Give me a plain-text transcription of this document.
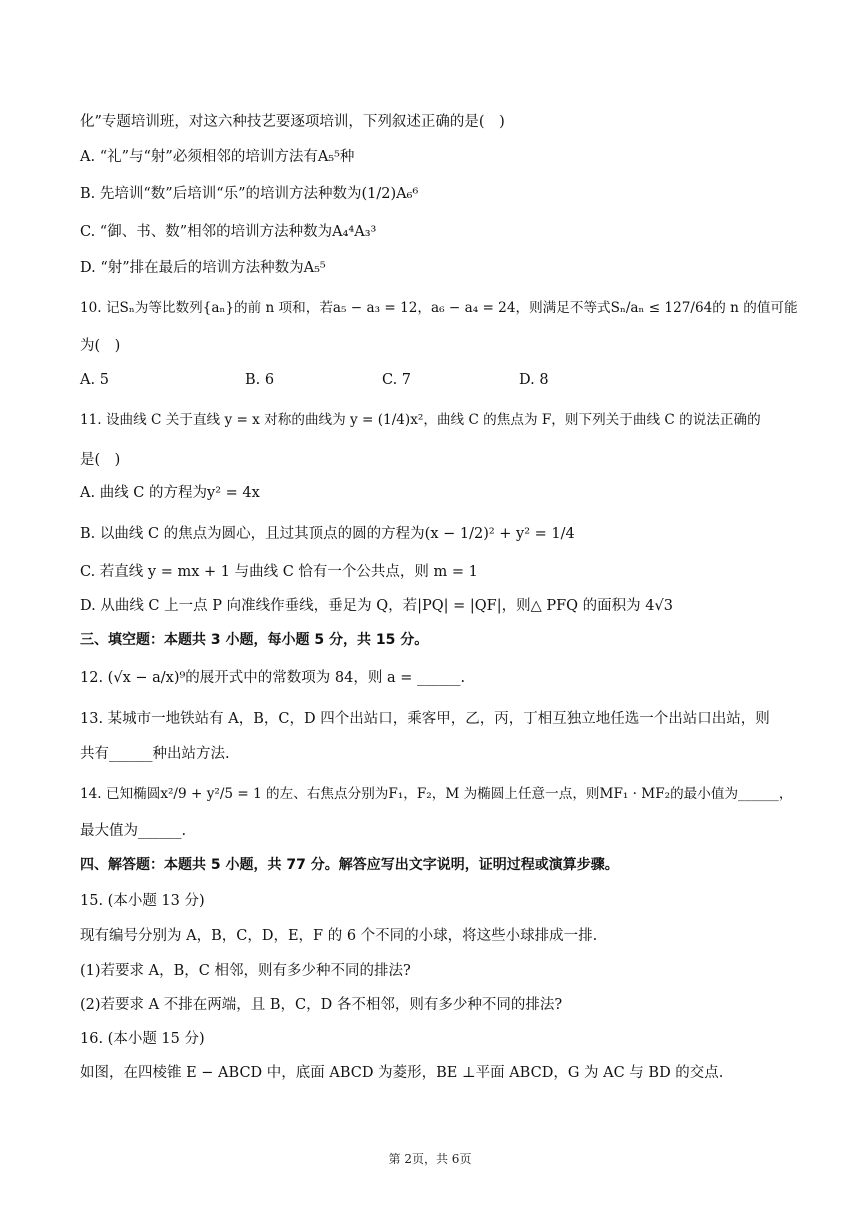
化”专题培训班，对这六种技艺要逐项培训，下列叙述正确的是(　)
A. “礼”与“射”必须相邻的培训方法有A₅⁵种
B. 先培训“数”后培训“乐”的培训方法种数为(1/2)A₆⁶
C. “御、书、数”相邻的培训方法种数为A₄⁴A₃³
D. “射”排在最后的培训方法种数为A₅⁵
10. 记Sₙ为等比数列{aₙ}的前 n 项和，若a₅ − a₃ = 12，a₆ − a₄ = 24，则满足不等式Sₙ/aₙ ≤ 127/64的 n 的值可能
为(　)
A. 5	B. 6	C. 7	D. 8
11. 设曲线 C 关于直线 y = x 对称的曲线为 y = (1/4)x²，曲线 C 的焦点为 F，则下列关于曲线 C 的说法正确的
是(　)
A. 曲线 C 的方程为y² = 4x
B. 以曲线 C 的焦点为圆心，且过其顶点的圆的方程为(x − 1/2)² + y² = 1/4
C. 若直线 y = mx + 1 与曲线 C 恰有一个公共点，则 m = 1
D. 从曲线 C 上一点 P 向准线作垂线，垂足为 Q，若|PQ| = |QF|，则△ PFQ 的面积为 4√3
三、填空题：本题共 3 小题，每小题 5 分，共 15 分。
12. (√x − a/x)⁹的展开式中的常数项为 84，则 a = ______.
13. 某城市一地铁站有 A，B，C，D 四个出站口，乘客甲，乙，丙，丁相互独立地任选一个出站口出站，则
共有______种出站方法.
14. 已知椭圆x²/9 + y²/5 = 1 的左、右焦点分别为F₁，F₂，M 为椭圆上任意一点，则MF₁ · MF₂的最小值为______，
最大值为______.
四、解答题：本题共 5 小题，共 77 分。解答应写出文字说明，证明过程或演算步骤。
15. (本小题 13 分)
现有编号分别为 A，B，C，D，E，F 的 6 个不同的小球，将这些小球排成一排.
(1)若要求 A，B，C 相邻，则有多少种不同的排法?
(2)若要求 A 不排在两端，且 B，C，D 各不相邻，则有多少种不同的排法?
16. (本小题 15 分)
如图，在四棱锥 E − ABCD 中，底面 ABCD 为菱形，BE ⊥平面 ABCD，G 为 AC 与 BD 的交点.
第 2页，共 6页
